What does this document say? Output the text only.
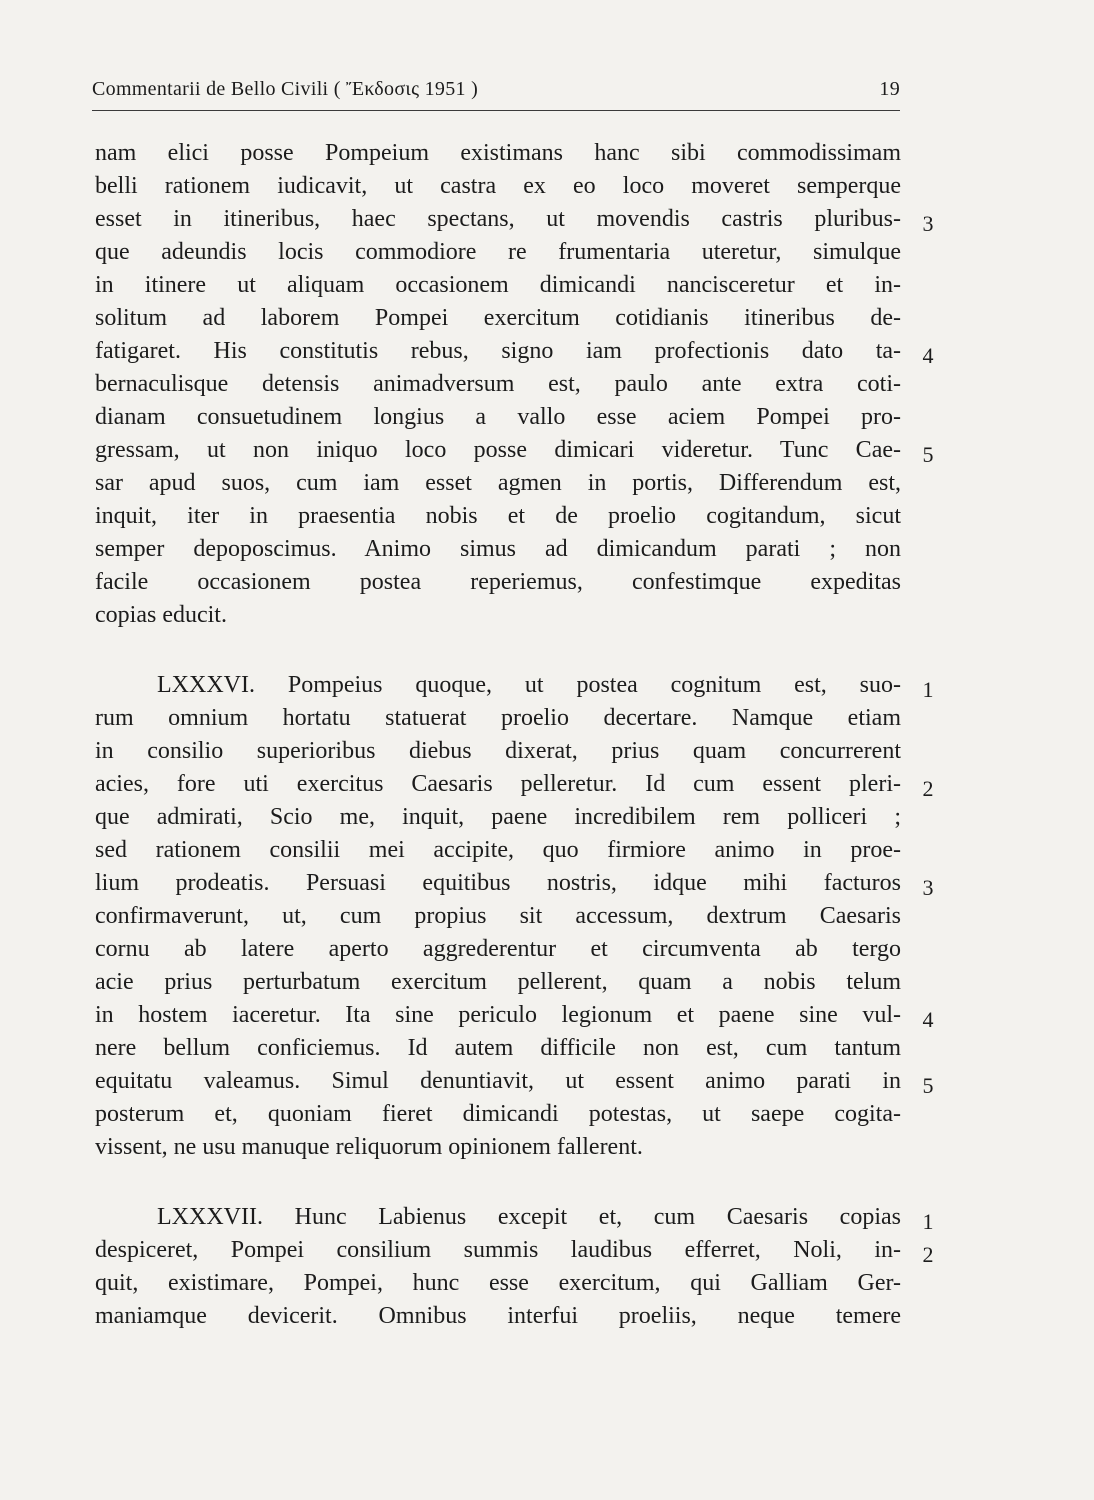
Commentarii de Bello Civili ( Ἔκδοσις 1951 )	19
nam elici posse Pompeium existimans hanc sibi commodissimam
belli rationem iudicavit, ut castra ex eo loco moveret semperque
esset in itineribus, haec spectans, ut movendis castris pluribus-
que adeundis locis commodiore re frumentaria uteretur, simulque
in itinere ut aliquam occasionem dimicandi nancisceretur et in-
solitum ad laborem Pompei exercitum cotidianis itineribus de-
fatigaret. His constitutis rebus, signo iam profectionis dato ta-
bernaculisque detensis animadversum est, paulo ante extra coti-
dianam consuetudinem longius a vallo esse aciem Pompei pro-
gressam, ut non iniquo loco posse dimicari videretur. Tunc Cae-
sar apud suos, cum iam esset agmen in portis, Differendum est,
inquit, iter in praesentia nobis et de proelio cogitandum, sicut
semper depoposcimus. Animo simus ad dimicandum parati ; non
facile occasionem postea reperiemus, confestimque expeditas
copias educit.
LXXXVI. Pompeius quoque, ut postea cognitum est, suo-
rum omnium hortatu statuerat proelio decertare. Namque etiam
in consilio superioribus diebus dixerat, prius quam concurrerent
acies, fore uti exercitus Caesaris pelleretur. Id cum essent pleri-
que admirati, Scio me, inquit, paene incredibilem rem polliceri ;
sed rationem consilii mei accipite, quo firmiore animo in proe-
lium prodeatis. Persuasi equitibus nostris, idque mihi facturos
confirmaverunt, ut, cum propius sit accessum, dextrum Caesaris
cornu ab latere aperto aggrederentur et circumventa ab tergo
acie prius perturbatum exercitum pellerent, quam a nobis telum
in hostem iaceretur. Ita sine periculo legionum et paene sine vul-
nere bellum conficiemus. Id autem difficile non est, cum tantum
equitatu valeamus. Simul denuntiavit, ut essent animo parati in
posterum et, quoniam fieret dimicandi potestas, ut saepe cogita-
vissent, ne usu manuque reliquorum opinionem fallerent.
LXXXVII. Hunc Labienus excepit et, cum Caesaris copias
despiceret, Pompei consilium summis laudibus efferret, Noli, in-
quit, existimare, Pompei, hunc esse exercitum, qui Galliam Ger-
maniamque devicerit. Omnibus interfui proeliis, neque temere
3
4
5
1
2
3
4
5
1
2
